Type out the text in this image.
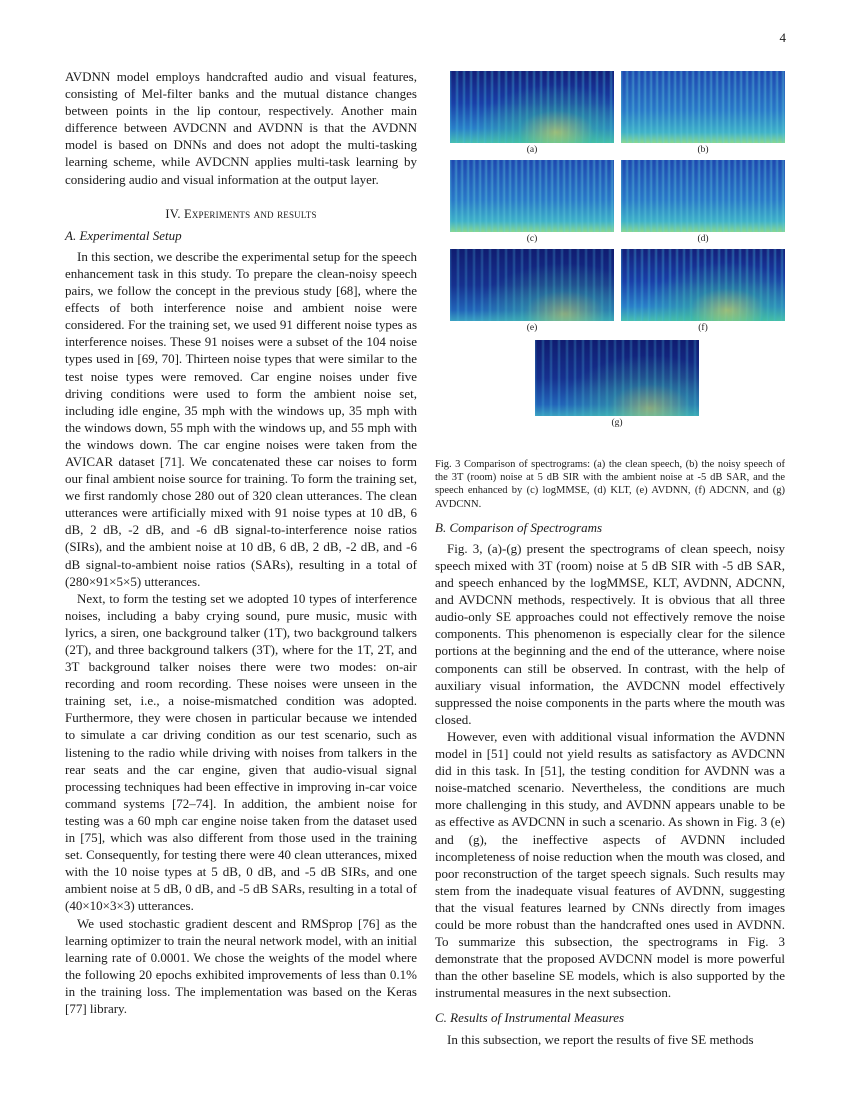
4

AVDNN model employs handcrafted audio and visual features, consisting of Mel-filter banks and the mutual distance changes between points in the lip contour, respectively. Another main difference between AVDCNN and AVDNN is that the AVDNN model is based on DNNs and does not adopt the multi-tasking learning scheme, while AVDCNN applies multi-task learning by considering audio and visual information at the output layer.

IV. Experiments and results
A. Experimental Setup

In this section, we describe the experimental setup for the speech enhancement task in this study. To prepare the clean-noisy speech pairs, we follow the concept in the previous study [68], where the effects of both interference noise and ambient noise were considered. For the training set, we used 91 different noise types as interference noises. These 91 noises were a subset of the 104 noise types used in [69, 70]. Thirteen noise types that were similar to the test noise types were removed. Car engine noises under five driving conditions were used to form the ambient noise set, including idle engine, 35 mph with the windows up, 35 mph with the windows down, 55 mph with the windows up, and 55 mph with the windows down. The car engine noises were taken from the AVICAR dataset [71]. We concatenated these car noises to form our final ambient noise source for training. To form the training set, we first randomly chose 280 out of 320 clean utterances. The clean utterances were artificially mixed with 91 noise types at 10 dB, 6 dB, 2 dB, -2 dB, and -6 dB signal-to-interference noise ratios (SIRs), and the ambient noise at 10 dB, 6 dB, 2 dB, -2 dB, and -6 dB signal-to-ambient noise ratios (SARs), resulting in a total of (280×91×5×5) utterances.

Next, to form the testing set we adopted 10 types of interference noises, including a baby crying sound, pure music, music with lyrics, a siren, one background talker (1T), two background talkers (2T), and three background talkers (3T), where for the 1T, 2T, and 3T background talker noises there were two modes: on-air recording and room recording. These noises were unseen in the training set, i.e., a noise-mismatched condition was adopted. Furthermore, they were chosen in particular because we intended to simulate a car driving condition as our test scenario, such as listening to the radio while driving with noises from talkers in the rear seats and the car engine, given that audio-visual signal processing techniques had been effective in improving in-car voice command systems [72–74]. In addition, the ambient noise for testing was a 60 mph car engine noise taken from the dataset used in [75], which was also different from those used in the training set. Consequently, for testing there were 40 clean utterances, mixed with the 10 noise types at 5 dB, 0 dB, and -5 dB SIRs, and one ambient noise at 5 dB, 0 dB, and -5 dB SARs, resulting in a total of (40×10×3×3) utterances.

We used stochastic gradient descent and RMSprop [76] as the learning optimizer to train the neural network model, with an initial learning rate of 0.0001. We chose the weights of the model where the following 20 epochs exhibited improvements of less than 0.1% in the training loss. The implementation was based on the Keras [77] library.

(a)	(b)
(c)	(d)
(e)	(f)
(g)

Fig. 3 Comparison of spectrograms: (a) the clean speech, (b) the noisy speech of the 3T (room) noise at 5 dB SIR with the ambient noise at -5 dB SAR, and the speech enhanced by (c) logMMSE, (d) KLT, (e) AVDNN, (f) ADCNN, and (g) AVDCNN.

B. Comparison of Spectrograms

Fig. 3, (a)-(g) present the spectrograms of clean speech, noisy speech mixed with 3T (room) noise at 5 dB SIR with -5 dB SAR, and speech enhanced by the logMMSE, KLT, AVDNN, ADCNN, and AVDCNN methods, respectively. It is obvious that all three audio-only SE approaches could not effectively remove the noise components. This phenomenon is especially clear for the silence portions at the beginning and the end of the utterance, where noise components can still be observed. In contrast, with the help of auxiliary visual information, the AVDCNN model effectively suppressed the noise components in the parts where the mouth was closed.

However, even with additional visual information the AVDNN model in [51] could not yield results as satisfactory as AVDCNN did in this task. In [51], the testing condition for AVDNN was a noise-matched scenario. Nevertheless, the conditions are much more challenging in this study, and AVDNN appears unable to be as effective as AVDCNN in such a scenario. As shown in Fig. 3 (e) and (g), the ineffective aspects of AVDNN included incompleteness of noise reduction when the mouth was closed, and poor reconstruction of the target speech signals. Such results may stem from the inadequate visual features of AVDNN, suggesting that the visual features learned by CNNs directly from images could be more robust than the handcrafted ones used in AVDNN. To summarize this subsection, the spectrograms in Fig. 3 demonstrate that the proposed AVDCNN model is more powerful than the other baseline SE models, which is also supported by the instrumental measures in the next subsection.

C. Results of Instrumental Measures

In this subsection, we report the results of five SE methods
